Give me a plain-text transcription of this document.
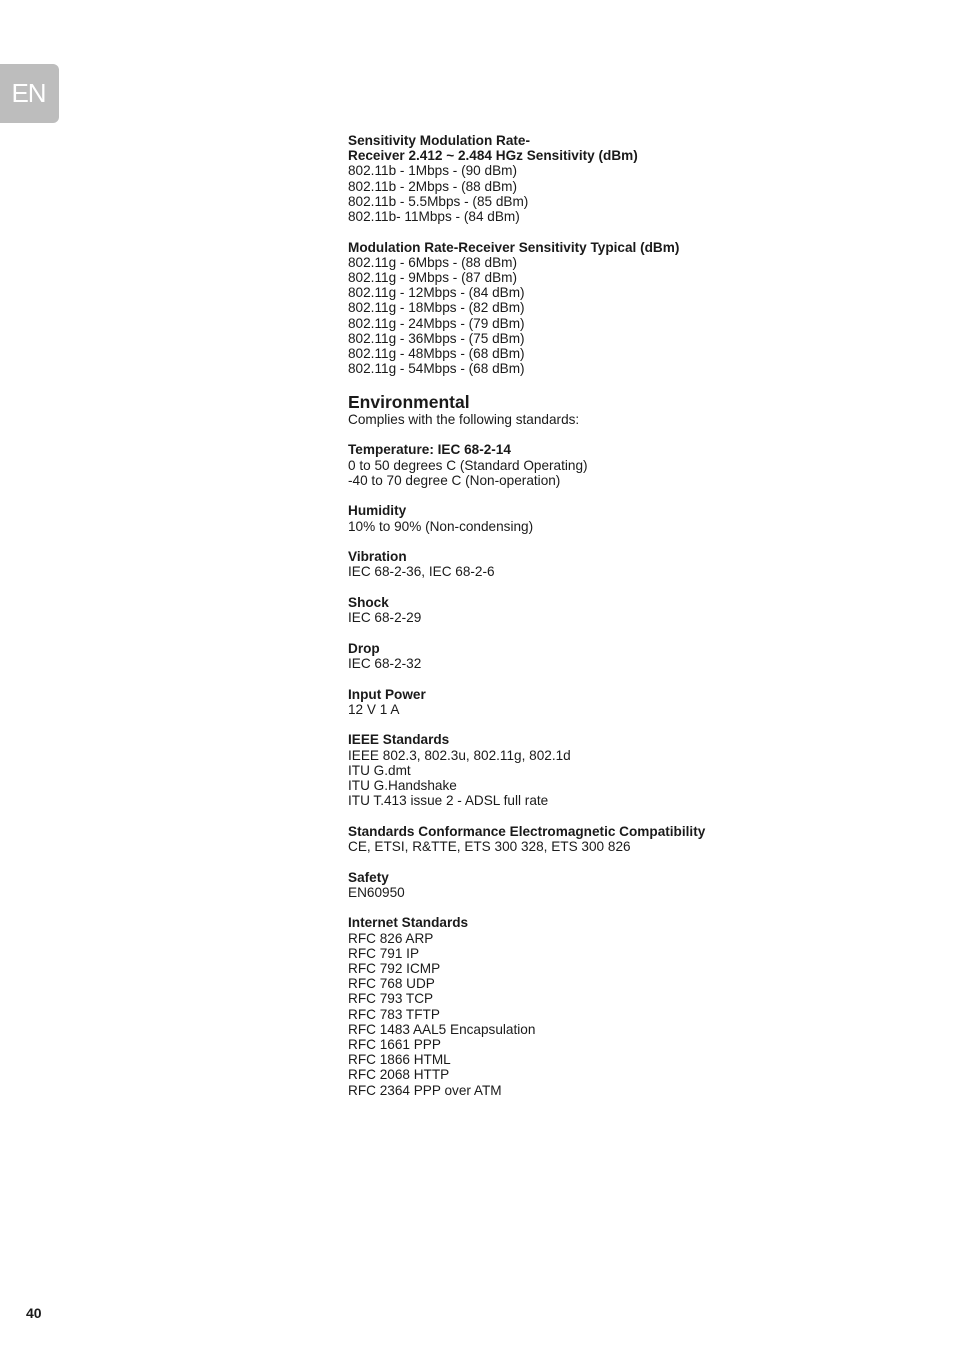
EN
Sensitivity Modulation Rate-
Receiver 2.412 ~ 2.484 HGz Sensitivity (dBm)
802.11b - 1Mbps - (90 dBm)
802.11b - 2Mbps - (88 dBm)
802.11b - 5.5Mbps - (85 dBm)
802.11b- 11Mbps - (84 dBm)
Modulation Rate-Receiver Sensitivity Typical (dBm)
802.11g - 6Mbps - (88 dBm)
802.11g - 9Mbps - (87 dBm)
802.11g - 12Mbps - (84 dBm)
802.11g - 18Mbps - (82 dBm)
802.11g - 24Mbps - (79 dBm)
802.11g - 36Mbps - (75 dBm)
802.11g - 48Mbps - (68 dBm)
802.11g - 54Mbps - (68 dBm)
Environmental
Complies with the following standards:
Temperature: IEC 68-2-14
0 to 50 degrees C (Standard Operating)
-40 to 70 degree C (Non-operation)
Humidity
10% to 90% (Non-condensing)
Vibration
IEC 68-2-36, IEC 68-2-6
Shock
IEC 68-2-29
Drop
IEC 68-2-32
Input Power
12 V 1 A
IEEE Standards
IEEE 802.3, 802.3u, 802.11g, 802.1d
ITU G.dmt
ITU G.Handshake
ITU T.413 issue 2 - ADSL full rate
Standards Conformance Electromagnetic Compatibility
CE, ETSI, R&TTE, ETS 300 328, ETS 300 826
Safety
EN60950
Internet Standards
RFC 826 ARP
RFC 791 IP
RFC 792 ICMP
RFC 768 UDP
RFC 793 TCP
RFC 783 TFTP
RFC 1483 AAL5 Encapsulation
RFC 1661 PPP
RFC 1866 HTML
RFC 2068 HTTP
RFC 2364 PPP over ATM
40
